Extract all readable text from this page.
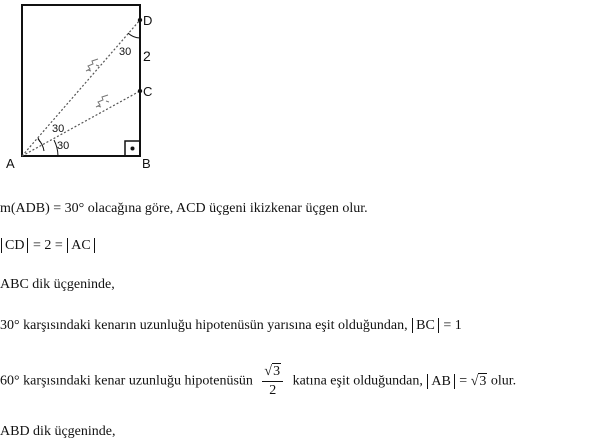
A	B
C
D
2
30
30
30
m(ADB) = 30° olacağına göre, ACD üçgeni ikizkenar üçgen olur.
CD = 2 = AC
ABC dik üçgeninde,
30° karşısındaki kenarın uzunluğu hipotenüsün yarısına eşit olduğundan, BC = 1
60° karşısındaki kenar uzunluğu hipotenüsün $\frac{√3}{2}$ katına eşit olduğundan, AB = √3 olur.
ABD dik üçgeninde,
